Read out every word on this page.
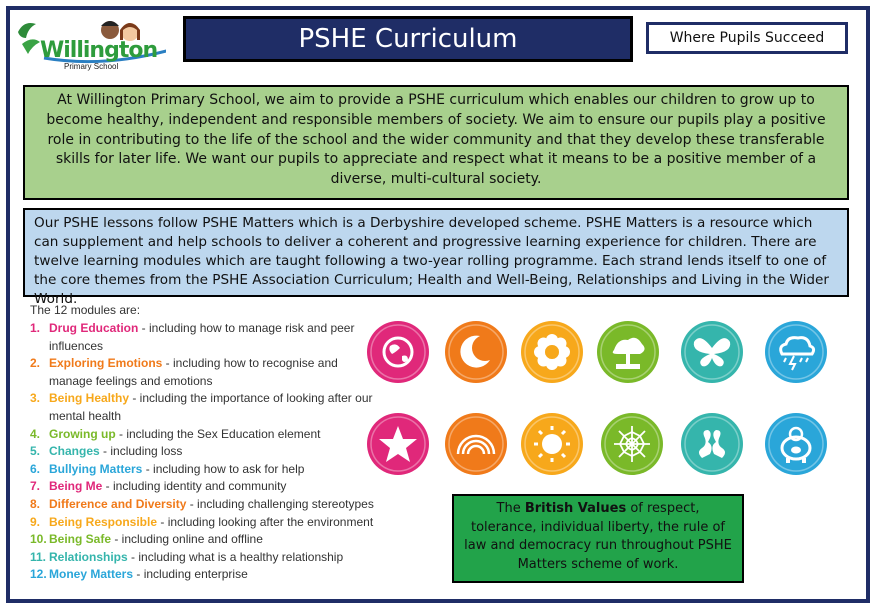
Willington
Primary School
PSHE Curriculum	Where Pupils Succeed
At Willington Primary School, we aim to provide a PSHE curriculum which enables our children to grow up to become healthy, independent and responsible members of society. We aim to ensure our pupils play a positive role in contributing to the life of the school and the wider community and that they develop these transferable skills for later life. We want our pupils to appreciate and respect what it means to be a positive member of a diverse, multi-cultural society.
Our PSHE lessons follow PSHE Matters which is a Derbyshire developed scheme. PSHE Matters is a resource which can supplement and help schools to deliver a coherent and progressive learning experience for children. There are twelve learning modules which are taught following a two-year rolling programme. Each strand lends itself to one of the core themes from the PSHE Association Curriculum; Health and Well-Being, Relationships and Living in the Wider World.
The 12 modules are:
1. Drug Education - including how to manage risk and peer influences
2. Exploring Emotions - including how to recognise and manage feelings and emotions
3. Being Healthy - including the importance of looking after our mental health
4. Growing up - including the Sex Education element
5. Changes - including loss
6. Bullying Matters - including how to ask for help
7. Being Me - including identity and community
8. Difference and Diversity - including challenging stereotypes
9. Being Responsible - including looking after the environment
10. Being Safe - including online and offline
11. Relationships - including what is a healthy relationship
12. Money Matters - including enterprise
The British Values of respect, tolerance, individual liberty, the rule of law and democracy run throughout PSHE Matters scheme of work.
